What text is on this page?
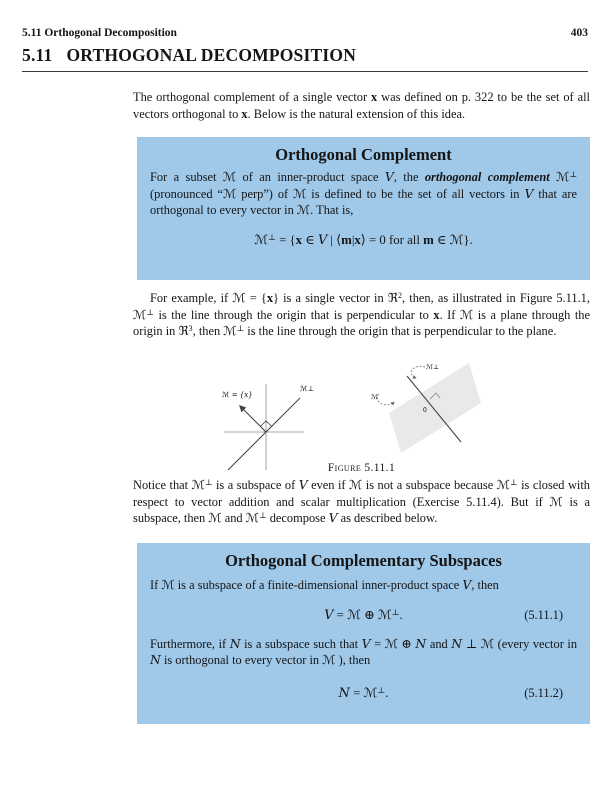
5.11 Orthogonal Decomposition	403
5.11 ORTHOGONAL DECOMPOSITION
The orthogonal complement of a single vector x was defined on p. 322 to be the set of all vectors orthogonal to x. Below is the natural extension of this idea.
Orthogonal Complement
For a subset ℳ of an inner-product space V, the orthogonal complement ℳ⊥ (pronounced “ℳ perp”) of ℳ is defined to be the set of all vectors in V that are orthogonal to every vector in ℳ. That is,
ℳ⊥ = {x ∈ V | ⟨m|x⟩ = 0 for all m ∈ ℳ}.
For example, if ℳ = {x} is a single vector in ℜ$^2$, then, as illustrated in Figure 5.11.1, ℳ⊥ is the line through the origin that is perpendicular to x. If ℳ is a plane through the origin in ℜ$^3$, then ℳ⊥ is the line through the origin that is perpendicular to the plane.
ℳ = {x}
ℳ⊥
0
ℳ⊥
ℳ
Figure 5.11.1
Notice that ℳ⊥ is a subspace of V even if ℳ is not a subspace because ℳ⊥ is closed with respect to vector addition and scalar multiplication (Exercise 5.11.4). But if ℳ is a subspace, then ℳ and ℳ⊥ decompose V as described below.
Orthogonal Complementary Subspaces
If ℳ is a subspace of a finite-dimensional inner-product space V, then
V = ℳ ⊕ ℳ⊥.	(5.11.1)
Furthermore, if N is a subspace such that V = ℳ ⊕ N and N ⊥ ℳ (every vector in N is orthogonal to every vector in ℳ ), then
N = ℳ⊥.	(5.11.2)
